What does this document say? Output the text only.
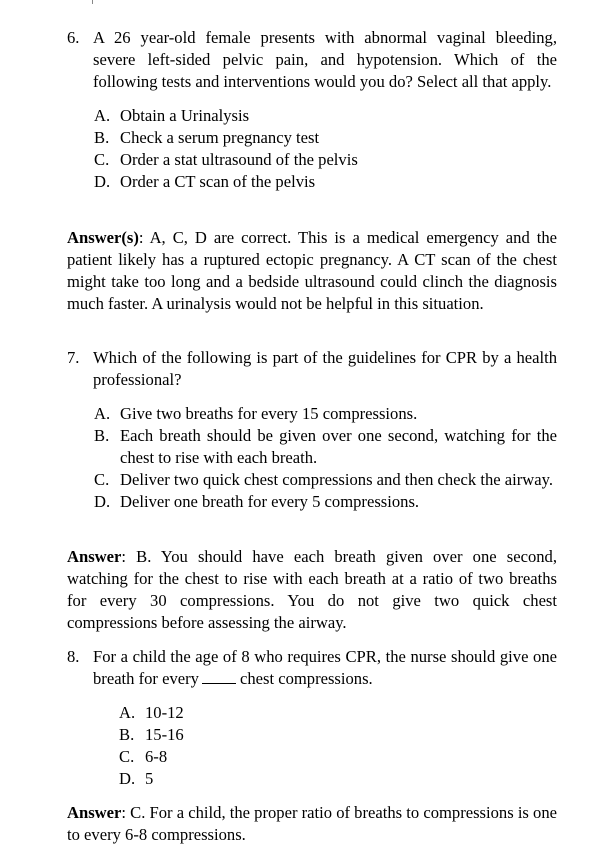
6. A 26 year-old female presents with abnormal vaginal bleeding, severe left-sided pelvic pain, and hypotension. Which of the following tests and interventions would you do? Select all that apply.
A. Obtain a Urinalysis
B. Check a serum pregnancy test
C. Order a stat ultrasound of the pelvis
D. Order a CT scan of the pelvis
Answer(s): A, C, D are correct. This is a medical emergency and the patient likely has a ruptured ectopic pregnancy. A CT scan of the chest might take too long and a bedside ultrasound could clinch the diagnosis much faster. A urinalysis would not be helpful in this situation.
7. Which of the following is part of the guidelines for CPR by a health professional?
A. Give two breaths for every 15 compressions.
B. Each breath should be given over one second, watching for the chest to rise with each breath.
C. Deliver two quick chest compressions and then check the airway.
D. Deliver one breath for every 5 compressions.
Answer: B. You should have each breath given over one second, watching for the chest to rise with each breath at a ratio of two breaths for every 30 compressions. You do not give two quick chest compressions before assessing the airway.
8. For a child the age of 8 who requires CPR, the nurse should give one breath for every chest compressions.
A. 10-12
B. 15-16
C. 6-8
D. 5
Answer: C. For a child, the proper ratio of breaths to compressions is one to every 6-8 compressions.
